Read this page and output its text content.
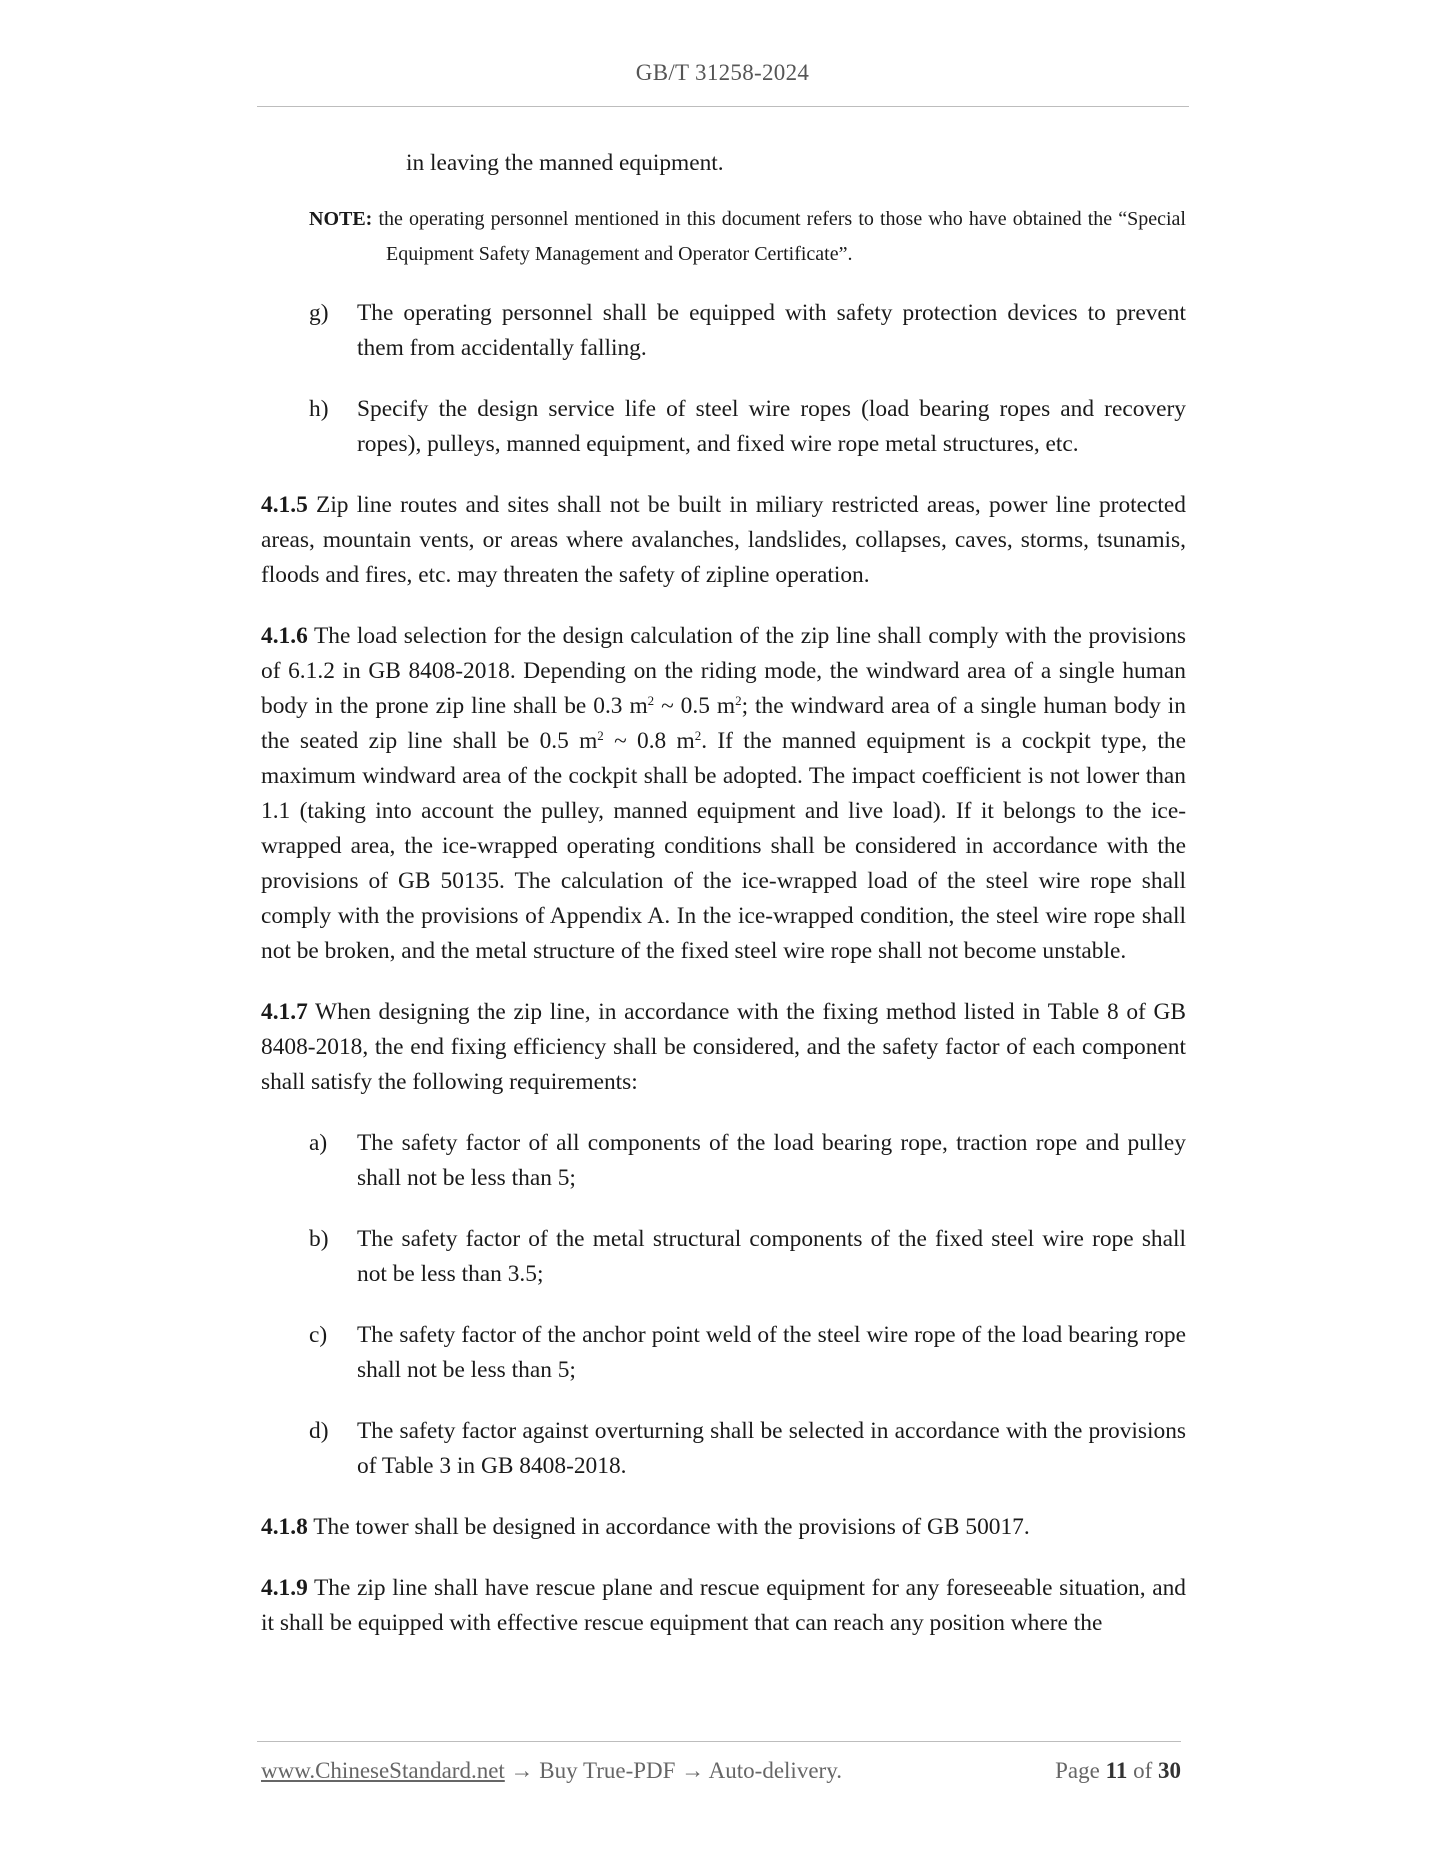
GB/T 31258-2024
in leaving the manned equipment.
NOTE: the operating personnel mentioned in this document refers to those who have obtained the “Special Equipment Safety Management and Operator Certificate”.
g)	The operating personnel shall be equipped with safety protection devices to prevent them from accidentally falling.
h)	Specify the design service life of steel wire ropes (load bearing ropes and recovery ropes), pulleys, manned equipment, and fixed wire rope metal structures, etc.
4.1.5 Zip line routes and sites shall not be built in miliary restricted areas, power line protected areas, mountain vents, or areas where avalanches, landslides, collapses, caves, storms, tsunamis, floods and fires, etc. may threaten the safety of zipline operation.
4.1.6 The load selection for the design calculation of the zip line shall comply with the provisions of 6.1.2 in GB 8408-2018. Depending on the riding mode, the windward area of a single human body in the prone zip line shall be 0.3 $m^2$ ~ 0.5 $m^2$; the windward area of a single human body in the seated zip line shall be 0.5 $m^2$ ~ 0.8 $m^2$. If the manned equipment is a cockpit type, the maximum windward area of the cockpit shall be adopted. The impact coefficient is not lower than 1.1 (taking into account the pulley, manned equipment and live load). If it belongs to the ice-wrapped area, the ice-wrapped operating conditions shall be considered in accordance with the provisions of GB 50135. The calculation of the ice-wrapped load of the steel wire rope shall comply with the provisions of Appendix A. In the ice-wrapped condition, the steel wire rope shall not be broken, and the metal structure of the fixed steel wire rope shall not become unstable.
4.1.7 When designing the zip line, in accordance with the fixing method listed in Table 8 of GB 8408-2018, the end fixing efficiency shall be considered, and the safety factor of each component shall satisfy the following requirements:
a)	The safety factor of all components of the load bearing rope, traction rope and pulley shall not be less than 5;
b)	The safety factor of the metal structural components of the fixed steel wire rope shall not be less than 3.5;
c)	The safety factor of the anchor point weld of the steel wire rope of the load bearing rope shall not be less than 5;
d)	The safety factor against overturning shall be selected in accordance with the provisions of Table 3 in GB 8408-2018.
4.1.8 The tower shall be designed in accordance with the provisions of GB 50017.
4.1.9 The zip line shall have rescue plane and rescue equipment for any foreseeable situation, and it shall be equipped with effective rescue equipment that can reach any position where the
www.ChineseStandard.net → Buy True-PDF → Auto-delivery.	Page 11 of 30
